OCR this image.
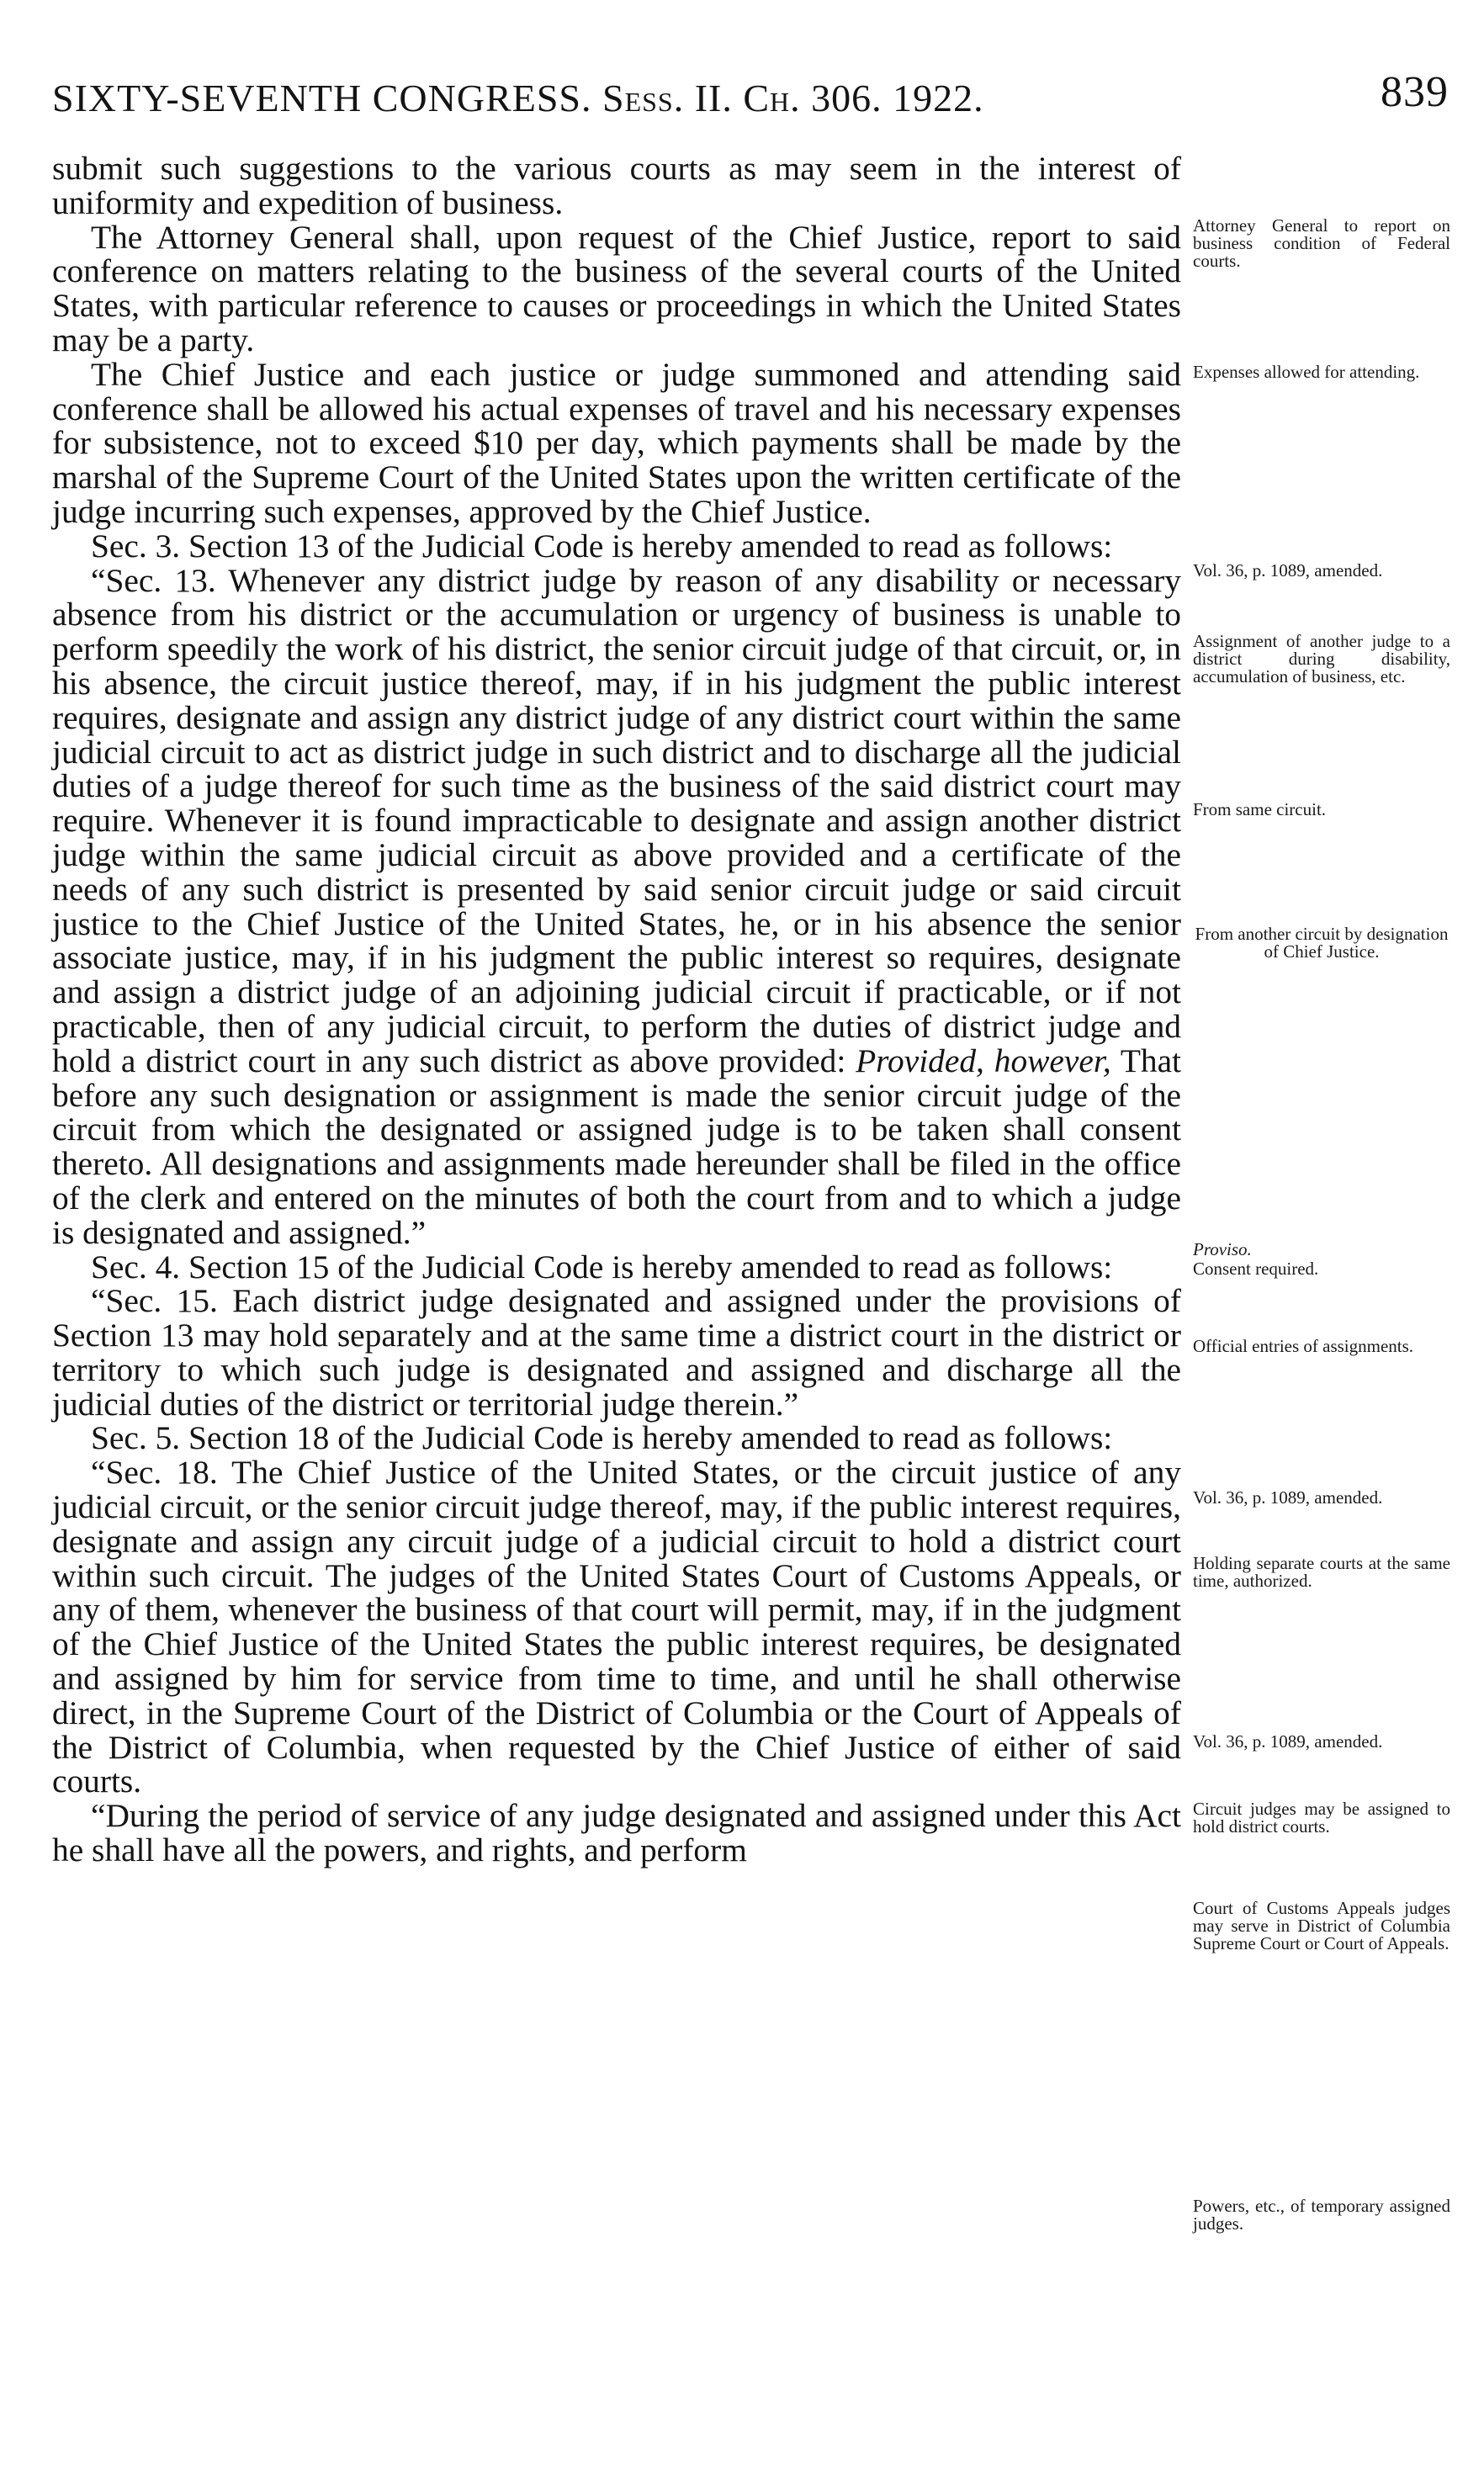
SIXTY-SEVENTH CONGRESS. Sess. II. Ch. 306. 1922.	839

submit such suggestions to the various courts as may seem in the interest of uniformity and expedition of business.

The Attorney General shall, upon request of the Chief Justice, report to said conference on matters relating to the business of the several courts of the United States, with particular reference to causes or proceedings in which the United States may be a party.

The Chief Justice and each justice or judge summoned and attending said conference shall be allowed his actual expenses of travel and his necessary expenses for subsistence, not to exceed $10 per day, which payments shall be made by the marshal of the Supreme Court of the United States upon the written certificate of the judge incurring such expenses, approved by the Chief Justice.

Sec. 3. Section 13 of the Judicial Code is hereby amended to read as follows:

“Sec. 13. Whenever any district judge by reason of any disability or necessary absence from his district or the accumulation or urgency of business is unable to perform speedily the work of his district, the senior circuit judge of that circuit, or, in his absence, the circuit justice thereof, may, if in his judgment the public interest requires, designate and assign any district judge of any district court within the same judicial circuit to act as district judge in such district and to discharge all the judicial duties of a judge thereof for such time as the business of the said district court may require. Whenever it is found impracticable to designate and assign another district judge within the same judicial circuit as above provided and a certificate of the needs of any such district is presented by said senior circuit judge or said circuit justice to the Chief Justice of the United States, he, or in his absence the senior associate justice, may, if in his judgment the public interest so requires, designate and assign a district judge of an adjoining judicial circuit if practicable, or if not practicable, then of any judicial circuit, to perform the duties of district judge and hold a district court in any such district as above provided: Provided, however, That before any such designation or assignment is made the senior circuit judge of the circuit from which the designated or assigned judge is to be taken shall consent thereto. All designations and assignments made hereunder shall be filed in the office of the clerk and entered on the minutes of both the court from and to which a judge is designated and assigned.”

Sec. 4. Section 15 of the Judicial Code is hereby amended to read as follows:

“Sec. 15. Each district judge designated and assigned under the provisions of Section 13 may hold separately and at the same time a district court in the district or territory to which such judge is designated and assigned and discharge all the judicial duties of the district or territorial judge therein.”

Sec. 5. Section 18 of the Judicial Code is hereby amended to read as follows:

“Sec. 18. The Chief Justice of the United States, or the circuit justice of any judicial circuit, or the senior circuit judge thereof, may, if the public interest requires, designate and assign any circuit judge of a judicial circuit to hold a district court within such circuit. The judges of the United States Court of Customs Appeals, or any of them, whenever the business of that court will permit, may, if in the judgment of the Chief Justice of the United States the public interest requires, be designated and assigned by him for service from time to time, and until he shall otherwise direct, in the Supreme Court of the District of Columbia or the Court of Appeals of the District of Columbia, when requested by the Chief Justice of either of said courts.

“During the period of service of any judge designated and assigned under this Act he shall have all the powers, and rights, and perform

Attorney General to report on business condition of Federal courts.
Expenses allowed for attending.
Vol. 36, p. 1089, amended.
Assignment of another judge to a district during disability, accumulation of business, etc.
From same circuit.
From another circuit by designation of Chief Justice.
Proviso.
Consent required.
Official entries of assignments.
Vol. 36, p. 1089, amended.
Holding separate courts at the same time, authorized.
Vol. 36, p. 1089, amended.
Circuit judges may be assigned to hold district courts.
Court of Customs Appeals judges may serve in District of Columbia Supreme Court or Court of Appeals.
Powers, etc., of temporary assigned judges.
